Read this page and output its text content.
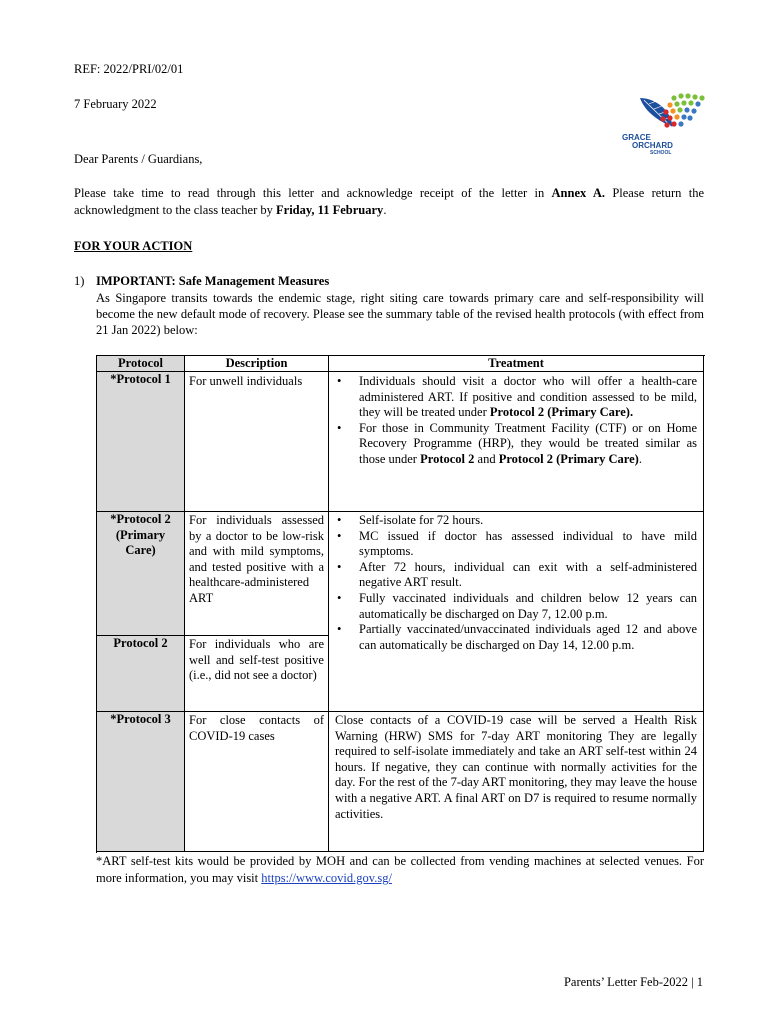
REF: 2022/PRI/02/01
7 February 2022
GRACE
ORCHARD
SCHOOL
Dear Parents / Guardians,
Please take time to read through this letter and acknowledge receipt of the letter in Annex A. Please return the acknowledgment to the class teacher by Friday, 11 February.
FOR YOUR ACTION
1) IMPORTANT: Safe Management Measures
As Singapore transits towards the endemic stage, right siting care towards primary care and self-responsibility will become the new default mode of recovery. Please see the summary table of the revised health protocols (with effect from 21 Jan 2022) below:
Protocol	Description	Treatment
*Protocol 1
*Protocol 2 (Primary Care)
Protocol 2
*Protocol 3
For unwell individuals
For individuals assessed by a doctor to be low-risk and with mild symptoms, and tested positive with a healthcare-administered ART
For individuals who are well and self-test positive (i.e., did not see a doctor)
For close contacts of COVID-19 cases
• Individuals should visit a doctor who will offer a health-care administered ART. If positive and condition assessed to be mild, they will be treated under Protocol 2 (Primary Care).
• For those in Community Treatment Facility (CTF) or on Home Recovery Programme (HRP), they would be treated similar as those under Protocol 2 and Protocol 2 (Primary Care).
• Self-isolate for 72 hours.
• MC issued if doctor has assessed individual to have mild symptoms.
• After 72 hours, individual can exit with a self-administered negative ART result.
• Fully vaccinated individuals and children below 12 years can automatically be discharged on Day 7, 12.00 p.m.
• Partially vaccinated/unvaccinated individuals aged 12 and above can automatically be discharged on Day 14, 12.00 p.m.
Close contacts of a COVID-19 case will be served a Health Risk Warning (HRW) SMS for 7-day ART monitoring They are legally required to self-isolate immediately and take an ART self-test within 24 hours. If negative, they can continue with normally activities for the day. For the rest of the 7-day ART monitoring, they may leave the house with a negative ART. A final ART on D7 is required to resume normally activities.
*ART self-test kits would be provided by MOH and can be collected from vending machines at selected venues. For more information, you may visit https://www.covid.gov.sg/
Parents’ Letter Feb-2022 | 1
